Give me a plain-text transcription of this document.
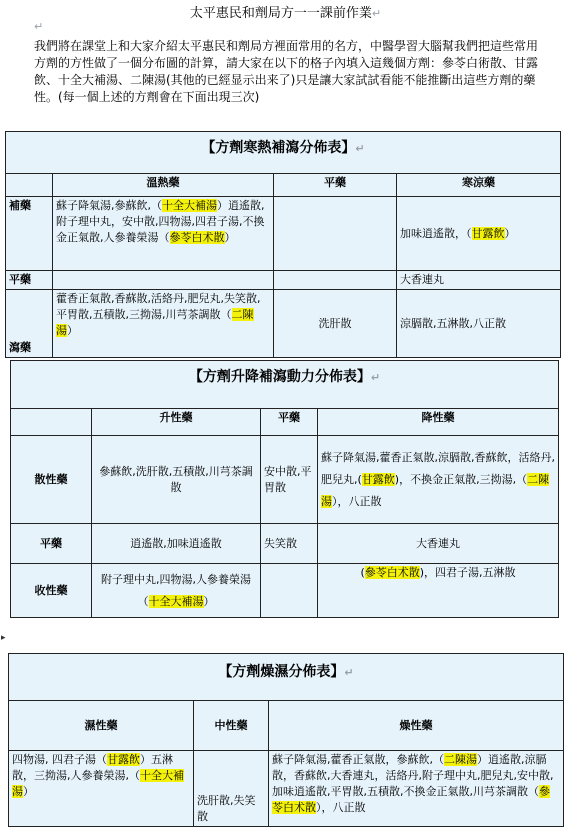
太平惠民和劑局方一一課前作業↵
↵
我們將在課堂上和大家介紹太平惠民和劑局方裡面常用的名方，中醫學習大腦幫我們把這些常用方劑的方性做了一個分布圖的計算，請大家在以下的格子內填入這幾個方劑：參苓白術散、甘露飲、十全大補湯、二陳湯(其他的已經显示出来了)只是讓大家試試看能不能推斷出這些方劑的藥性。(每一個上述的方劑會在下面出現三次)
【方劑寒熱補瀉分佈表】↵			
	溫熱藥	平藥	寒涼藥
補藥	蘇子降氣湯,參蘇飲,（十全大補湯）逍遙散,附子理中丸，安中散,四物湯,四君子湯,不換金正氣散,人參養榮湯（參苓白术散）		加味逍遙散，（甘露飲）
平藥			大香連丸
瀉藥	藿香正氣散,香蘇散,活絡丹,肥兒丸,失笑散,平胃散,五積散,三拗湯,川芎茶調散（二陳湯）	洗肝散	涼膈散,五淋散,八正散
【方劑升降補瀉動力分佈表】↵			
	升性藥	平藥	降性藥
散性藥	參蘇飲,洗肝散,五積散,川芎茶調散	安中散,平胃散	蘇子降氣湯,藿香正氣散,涼膈散,香蘇飲，活絡丹,肥兒丸,(甘露飲)，不換金正氣散,三拗湯,（二陳湯），八正散
平藥	逍遙散,加味逍遙散	失笑散	大香連丸
收性藥	附子理中丸,四物湯,人參養榮湯（十全大補湯）		(參苓白术散)，四君子湯,五淋散
▸
【方劑燥濕分佈表】↵		
濕性藥	中性藥	燥性藥
四物湯, 四君子湯（甘露飲）五淋散，三拗湯,人參養榮湯,（十全大補湯）	洗肝散,失笑散	蘇子降氣湯,藿香正氣散，參蘇飲,（二陳湯）逍遙散,涼膈散，香蘇飲,大香連丸，活絡丹,附子理中丸,肥兒丸,安中散,加味逍遙散,平胃散,五積散,不換金正氣散,川芎茶調散（參苓白术散），八正散
